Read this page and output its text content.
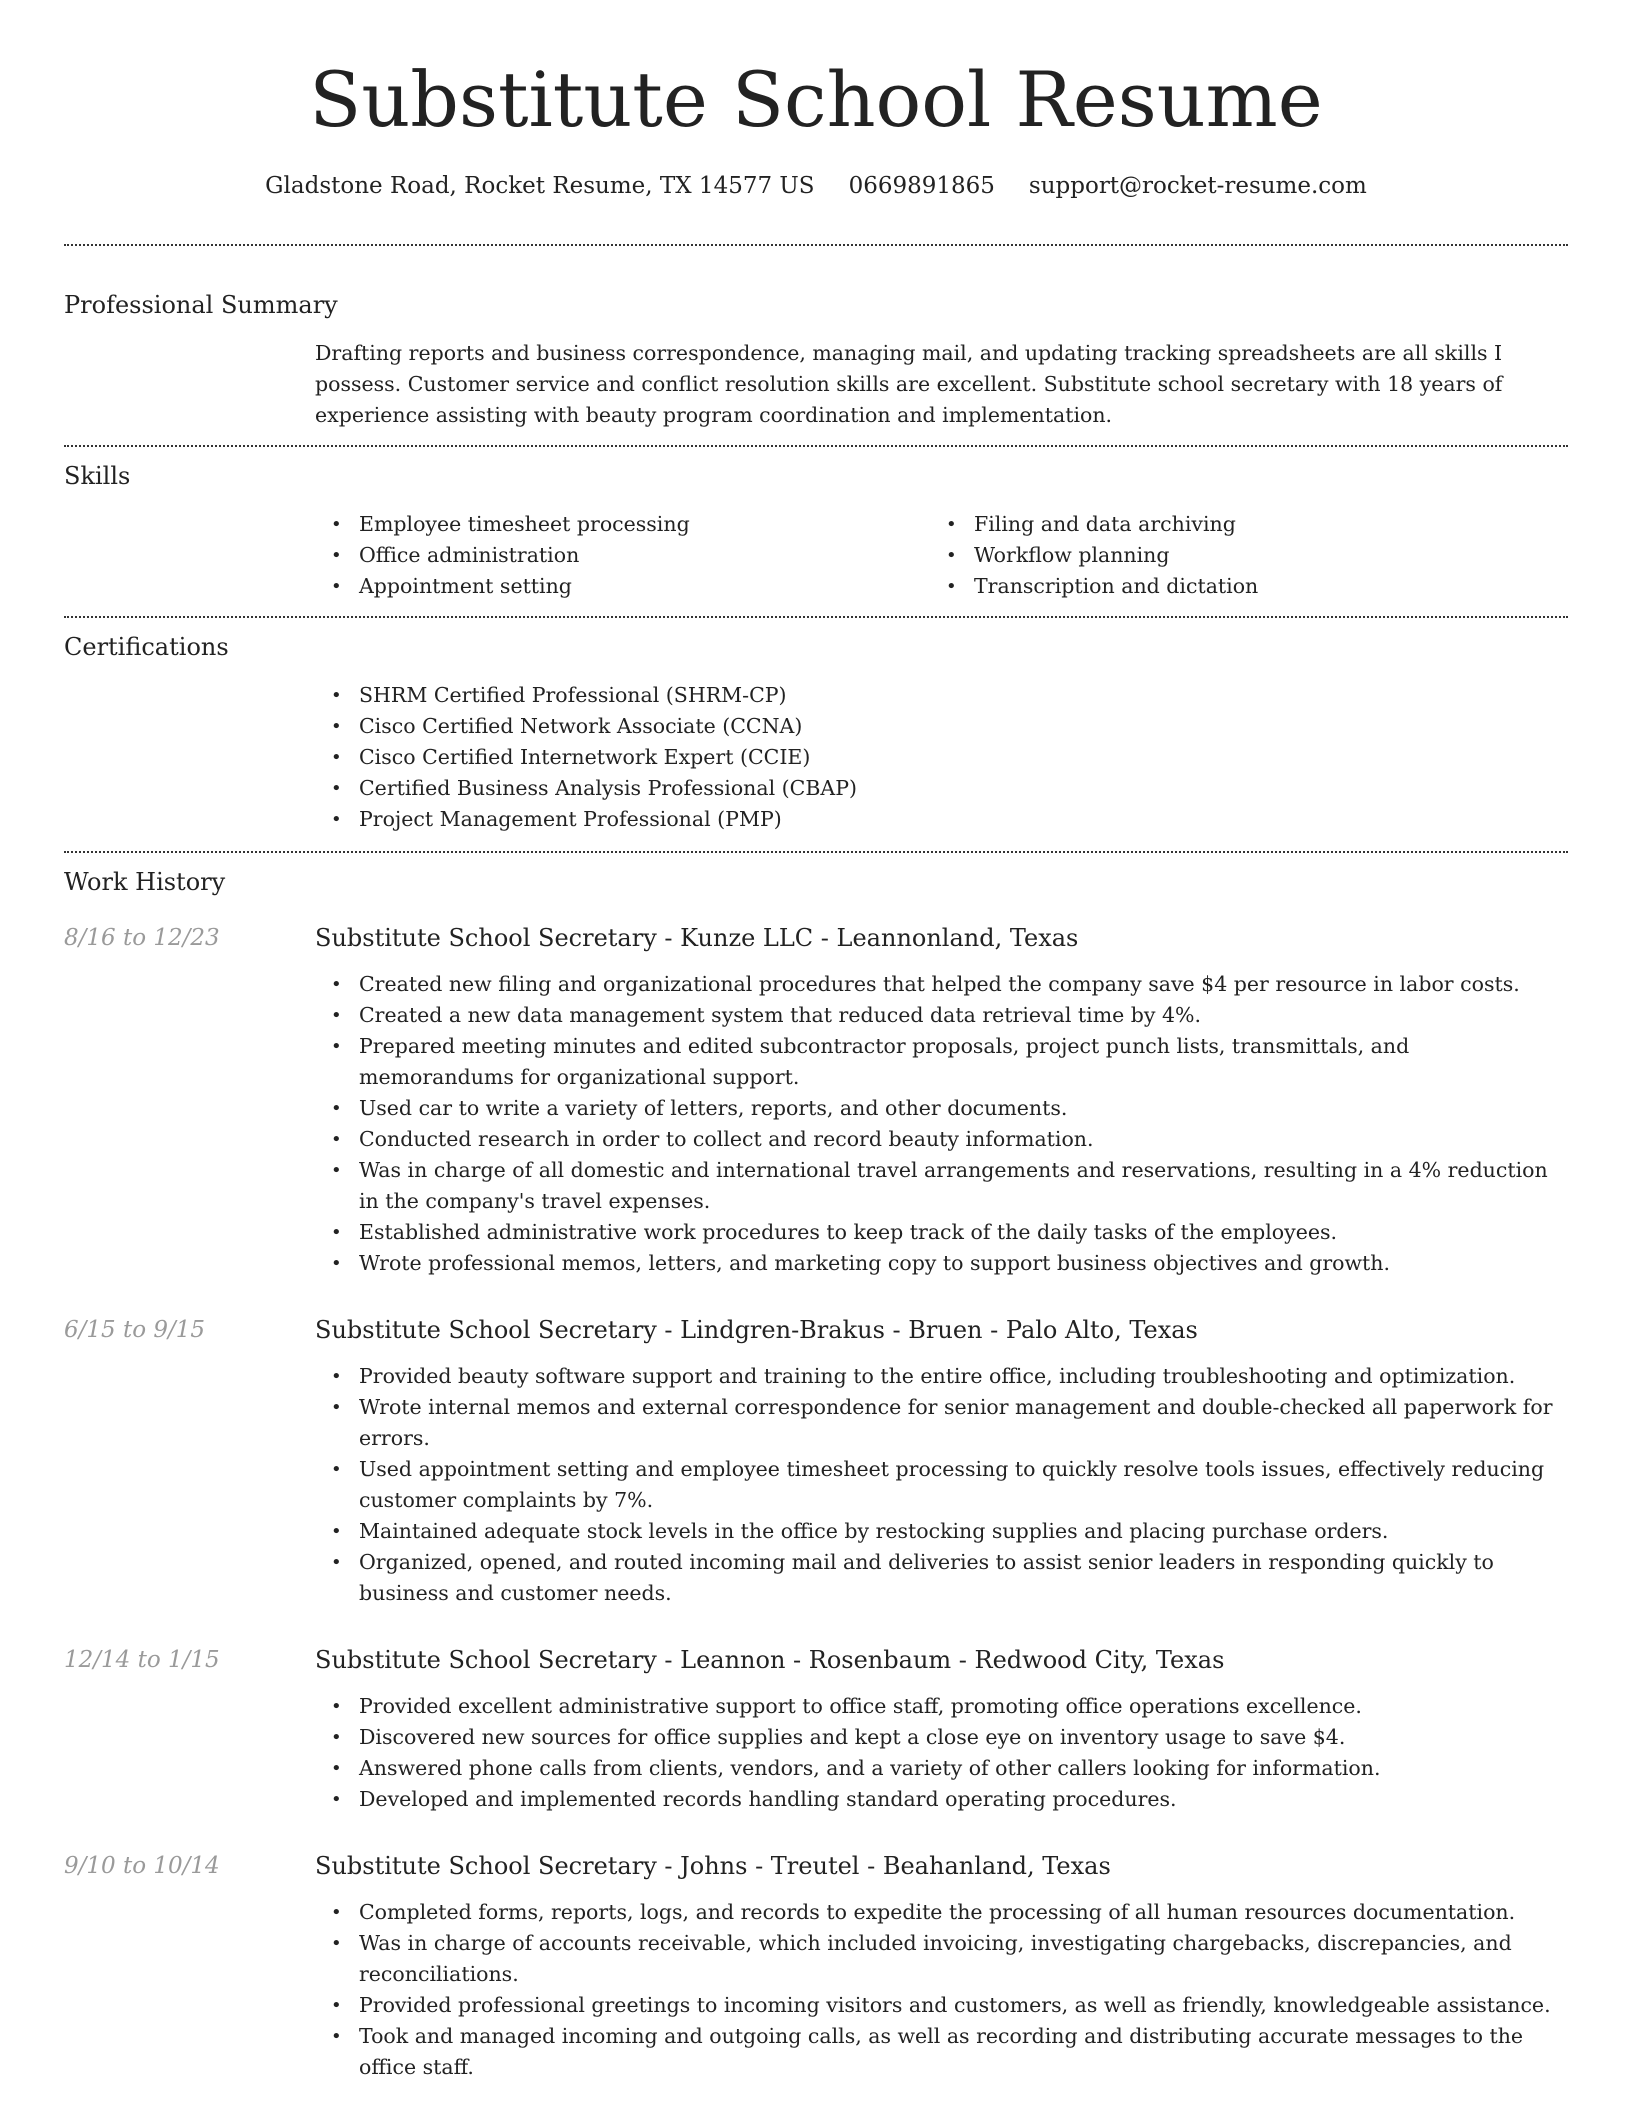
Substitute School Resume
Gladstone Road, Rocket Resume, TX 14577 US 0669891865 support@rocket-resume.com
Professional Summary
Drafting reports and business correspondence, managing mail, and updating tracking spreadsheets are all skills I possess. Customer service and conflict resolution skills are excellent. Substitute school secretary with 18 years of experience assisting with beauty program coordination and implementation.
Skills
• Employee timesheet processing
• Office administration
• Appointment setting
• Filing and data archiving
• Workflow planning
• Transcription and dictation
Certifications
• SHRM Certified Professional (SHRM-CP)
• Cisco Certified Network Associate (CCNA)
• Cisco Certified Internetwork Expert (CCIE)
• Certified Business Analysis Professional (CBAP)
• Project Management Professional (PMP)
Work History
8/16 to 12/23	Substitute School Secretary - Kunze LLC - Leannonland, Texas
• Created new filing and organizational procedures that helped the company save $4 per resource in labor costs.
• Created a new data management system that reduced data retrieval time by 4%.
• Prepared meeting minutes and edited subcontractor proposals, project punch lists, transmittals, and memorandums for organizational support.
• Used car to write a variety of letters, reports, and other documents.
• Conducted research in order to collect and record beauty information.
• Was in charge of all domestic and international travel arrangements and reservations, resulting in a 4% reduction in the company's travel expenses.
• Established administrative work procedures to keep track of the daily tasks of the employees.
• Wrote professional memos, letters, and marketing copy to support business objectives and growth.
6/15 to 9/15	Substitute School Secretary - Lindgren-Brakus - Bruen - Palo Alto, Texas
• Provided beauty software support and training to the entire office, including troubleshooting and optimization.
• Wrote internal memos and external correspondence for senior management and double-checked all paperwork for errors.
• Used appointment setting and employee timesheet processing to quickly resolve tools issues, effectively reducing customer complaints by 7%.
• Maintained adequate stock levels in the office by restocking supplies and placing purchase orders.
• Organized, opened, and routed incoming mail and deliveries to assist senior leaders in responding quickly to business and customer needs.
12/14 to 1/15	Substitute School Secretary - Leannon - Rosenbaum - Redwood City, Texas
• Provided excellent administrative support to office staff, promoting office operations excellence.
• Discovered new sources for office supplies and kept a close eye on inventory usage to save $4.
• Answered phone calls from clients, vendors, and a variety of other callers looking for information.
• Developed and implemented records handling standard operating procedures.
9/10 to 10/14	Substitute School Secretary - Johns - Treutel - Beahanland, Texas
• Completed forms, reports, logs, and records to expedite the processing of all human resources documentation.
• Was in charge of accounts receivable, which included invoicing, investigating chargebacks, discrepancies, and reconciliations.
• Provided professional greetings to incoming visitors and customers, as well as friendly, knowledgeable assistance.
• Took and managed incoming and outgoing calls, as well as recording and distributing accurate messages to the office staff.
